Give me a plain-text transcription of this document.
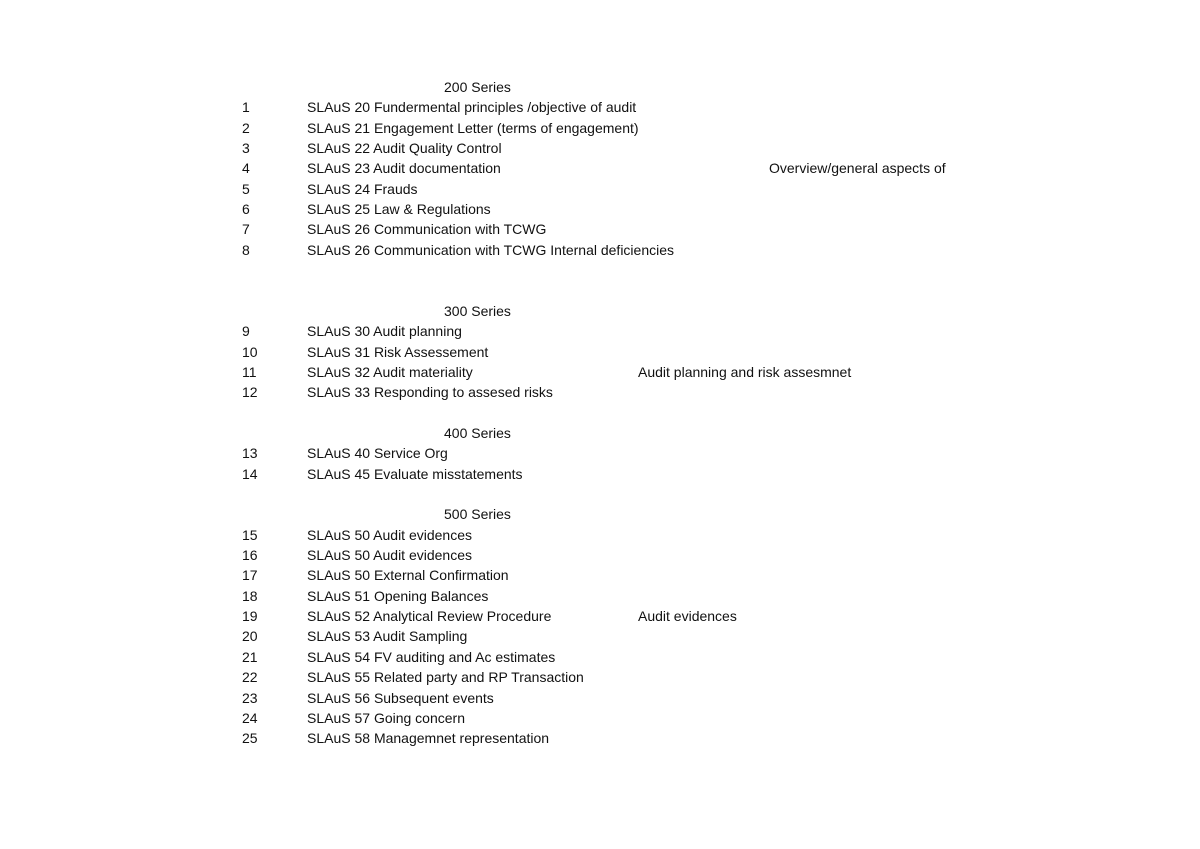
200 Series
1	SLAuS 20 Fundermental principles /objective of audit
2	SLAuS 21 Engagement Letter (terms of engagement)
3	SLAuS 22 Audit Quality Control
4	SLAuS 23 Audit documentation	Overview/general aspects of
5	SLAuS 24 Frauds
6	SLAuS 25 Law & Regulations
7	SLAuS 26 Communication with TCWG
8	SLAuS 26 Communication with TCWG Internal deficiencies
300 Series
9	SLAuS 30 Audit planning
10	SLAuS 31 Risk Assessement
11	SLAuS 32 Audit materiality	Audit planning and risk assesmnet
12	SLAuS 33 Responding to assesed risks
400 Series
13	SLAuS 40 Service Org
14	SLAuS 45 Evaluate misstatements
500 Series
15	SLAuS 50 Audit evidences
16	SLAuS 50 Audit evidences
17	SLAuS 50 External Confirmation
18	SLAuS 51 Opening Balances
19	SLAuS 52 Analytical Review Procedure	Audit evidences
20	SLAuS 53 Audit Sampling
21	SLAuS 54 FV auditing and Ac estimates
22	SLAuS 55 Related party and RP Transaction
23	SLAuS 56 Subsequent events
24	SLAuS 57 Going concern
25	SLAuS 58 Managemnet representation
